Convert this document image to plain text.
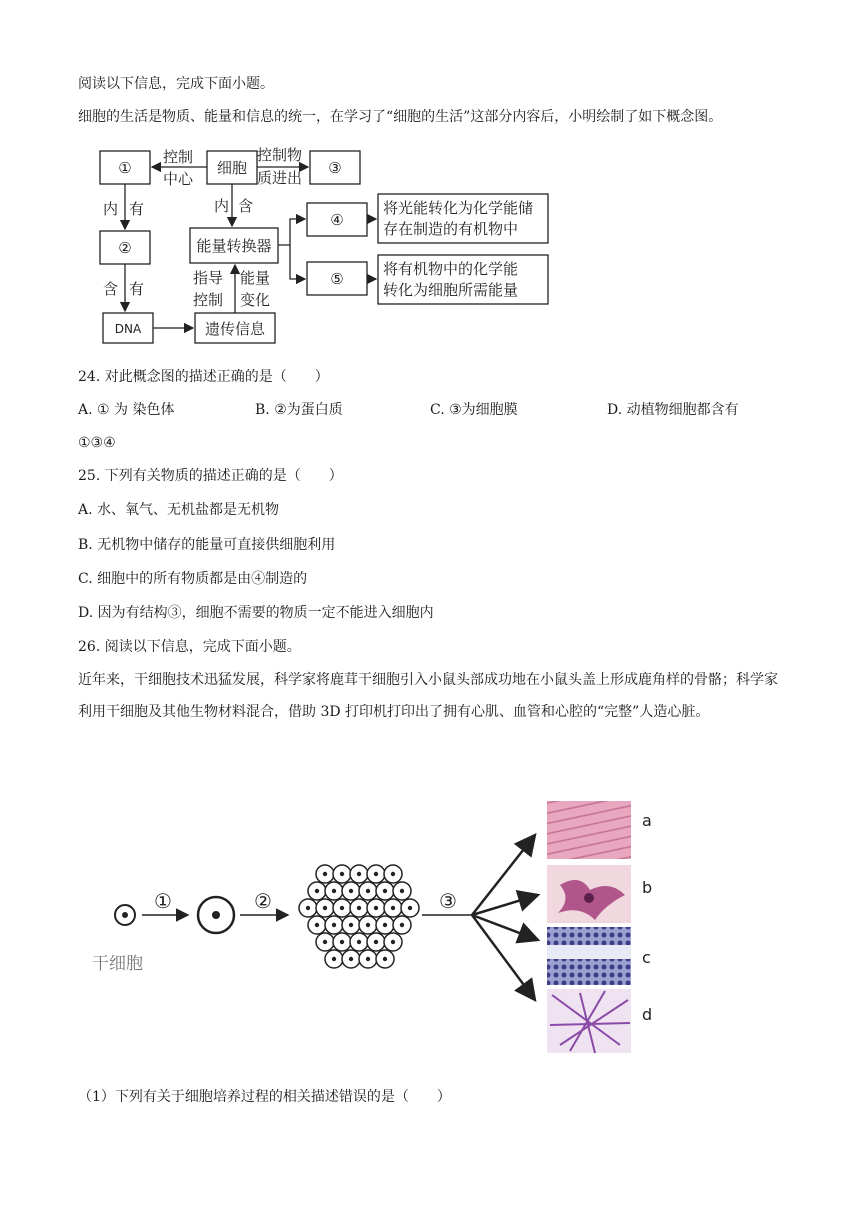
阅读以下信息，完成下面小题。
细胞的生活是物质、能量和信息的统一，在学习了“细胞的生活”这部分内容后，小明绘制了如下概念图。
①	细胞	③
②	能量转换器
④
⑤
将光能转化为化学能储
存在制造的有机物中
将有机物中的化学能
转化为细胞所需能量
DNA	遗传信息
控制
中心
控制物
质进出
内 有	内 含
含 有
指导
控制
能量
变化
24. 对此概念图的描述正确的是（　　）
A. ① 为 染色体	B. ②为蛋白质	C. ③为细胞膜	D. 动植物细胞都含有
①③④
25. 下列有关物质的描述正确的是（　　）
A. 水、氧气、无机盐都是无机物
B. 无机物中储存的能量可直接供细胞利用
C. 细胞中的所有物质都是由④制造的
D. 因为有结构③，细胞不需要的物质一定不能进入细胞内
26. 阅读以下信息，完成下面小题。
近年来，干细胞技术迅猛发展，科学家将鹿茸干细胞引入小鼠头部成功地在小鼠头盖上形成鹿角样的骨骼；科学家利用干细胞及其他生物材料混合，借助 3D 打印机打印出了拥有心肌、血管和心腔的“完整”人造心脏。
①	②	③
a
b
c
d
干细胞
（1）下列有关于细胞培养过程的相关描述错误的是（　　）
